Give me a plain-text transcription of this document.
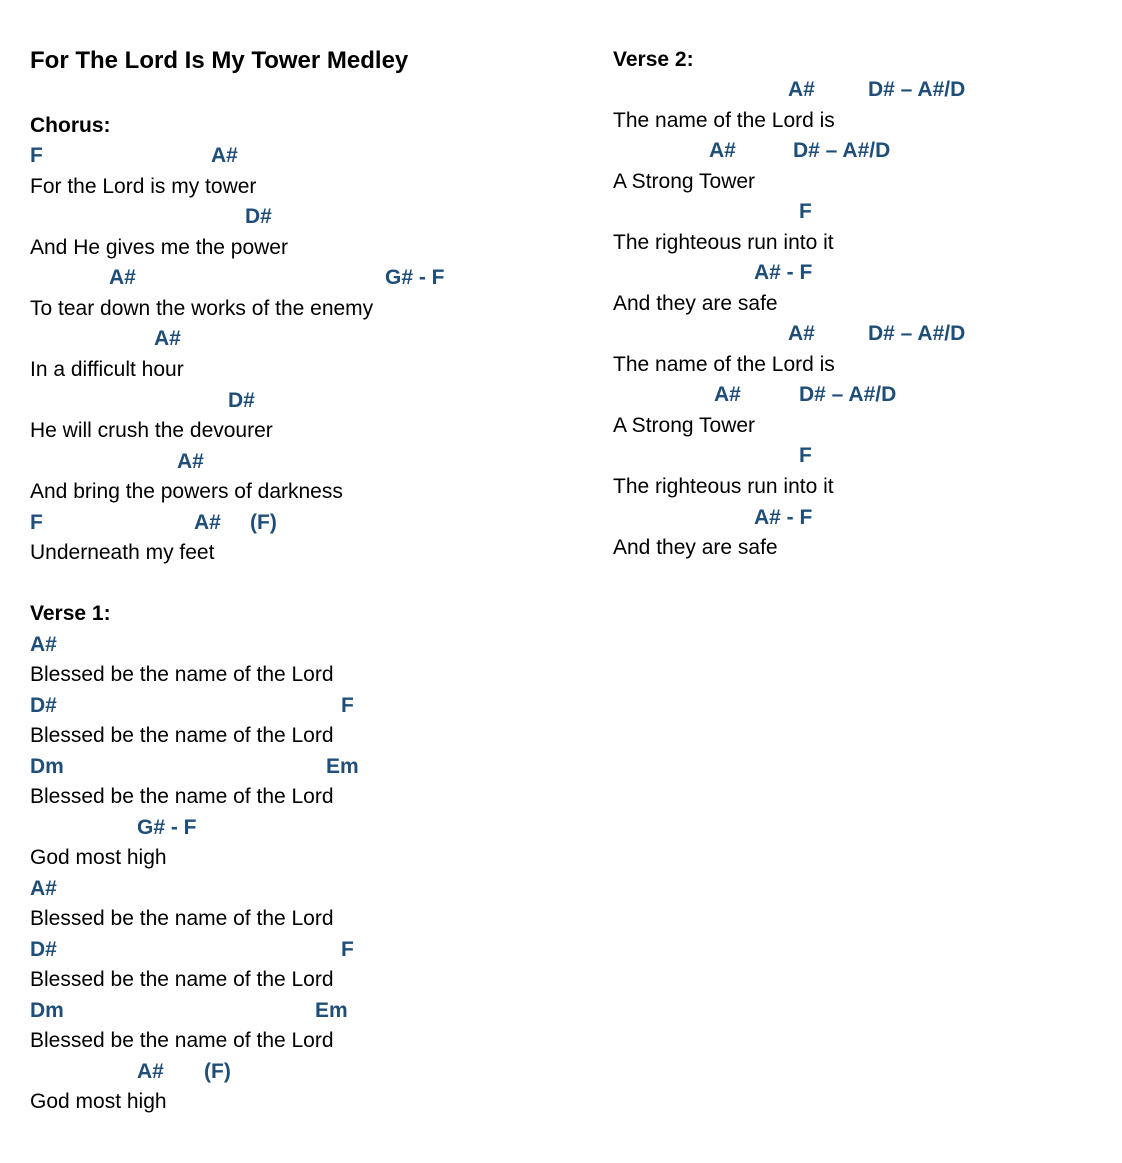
For The Lord Is My Tower Medley
Chorus:

F

	A#

For the Lord is my tower

D#

And He gives me the power

A#

	G# - F

To tear down the works of the enemy

A#

In a difficult hour

D#

He will crush the devourer

A#

And bring the powers of darkness

F

	A#

(F)

Underneath my feet
Verse 1:

A#

Blessed be the name of the Lord

D#

	F

Blessed be the name of the Lord

Dm

	Em

Blessed be the name of the Lord

G# - F

God most high

A#

Blessed be the name of the Lord

D#

	F

Blessed be the name of the Lord

Dm

	Em

Blessed be the name of the Lord

A#

(F)

God most high
Verse 2:

A#

	D# – A#/D

The name of the Lord is

A#

	D# – A#/D

A Strong Tower

F

The righteous run into it

A# - F

And they are safe

A#

	D# – A#/D

The name of the Lord is

A#

	D# – A#/D

A Strong Tower

F

The righteous run into it

A# - F

And they are safe
